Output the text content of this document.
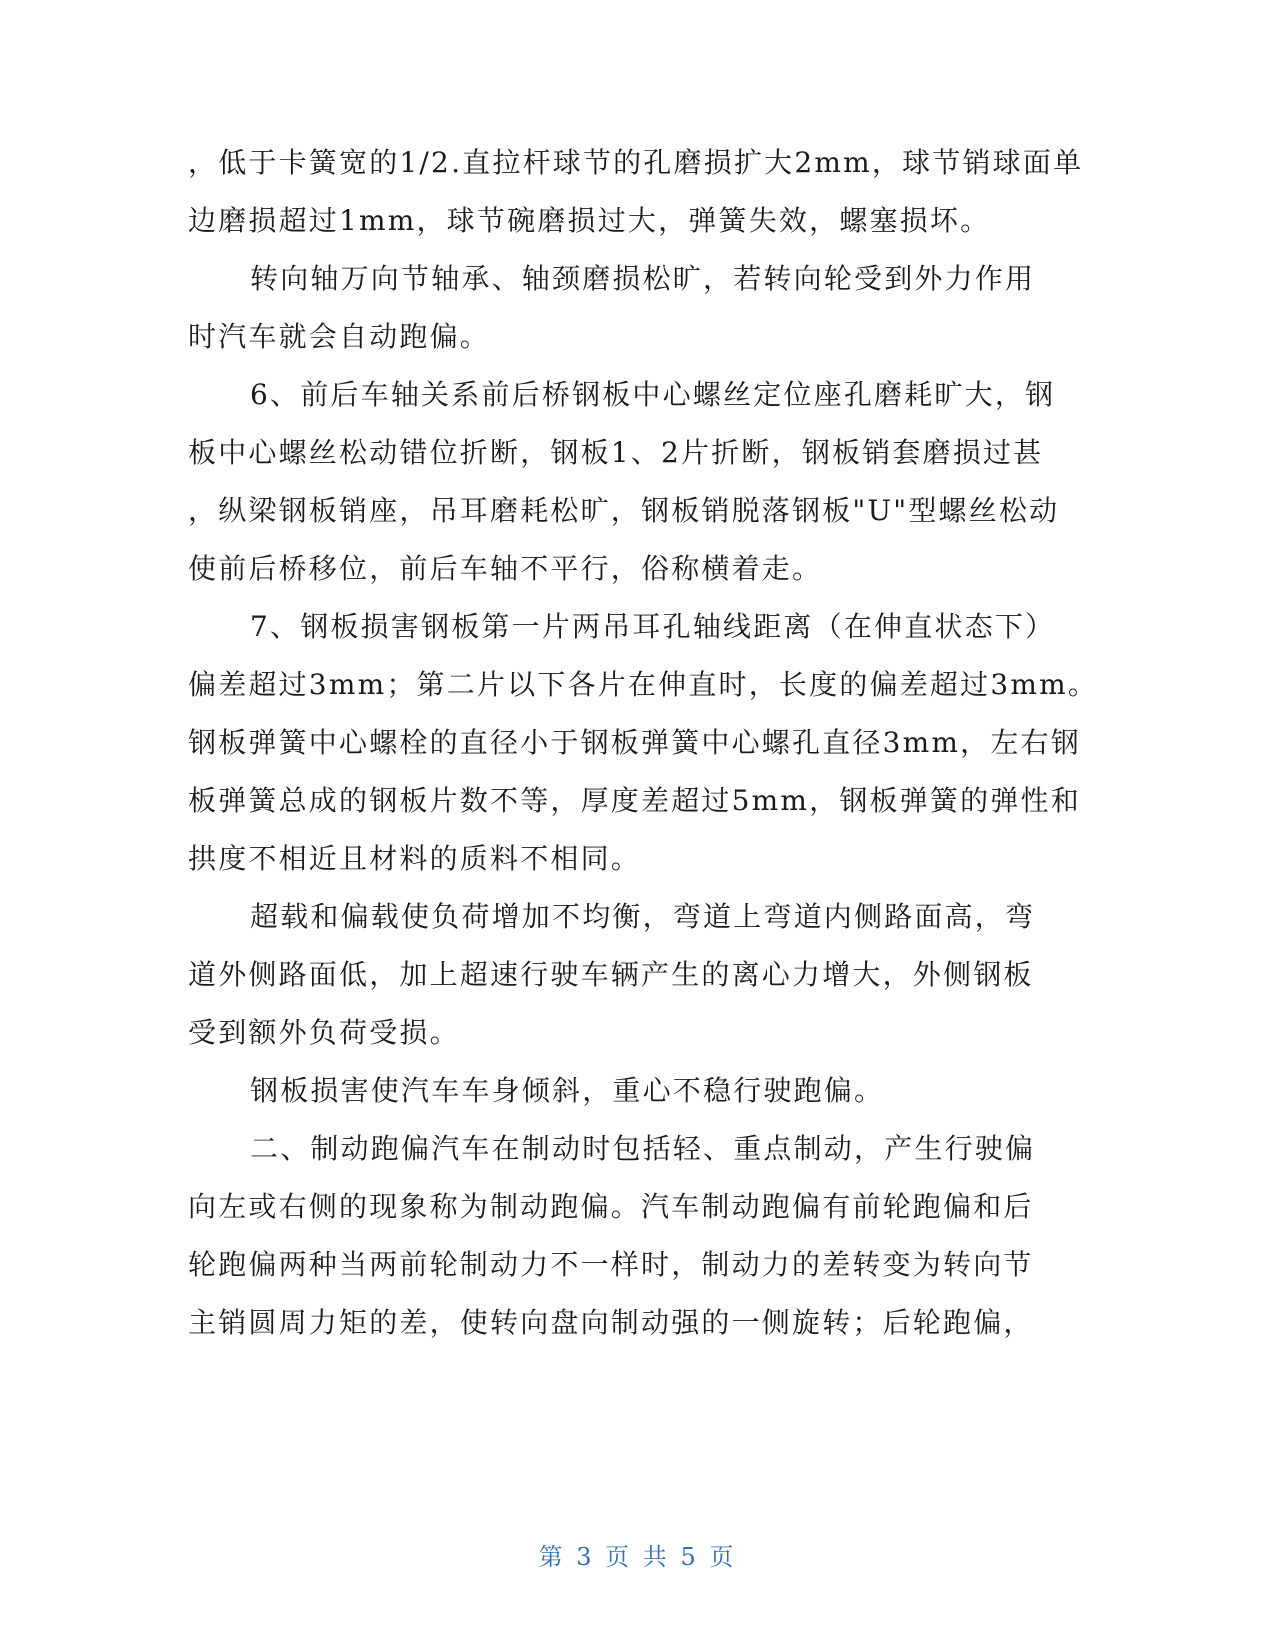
，低于卡簧宽的1/2.直拉杆球节的孔磨损扩大2mm，球节销球面单
边磨损超过1mm，球节碗磨损过大，弹簧失效，螺塞损坏。
转向轴万向节轴承、轴颈磨损松旷，若转向轮受到外力作用
时汽车就会自动跑偏。
6、前后车轴关系前后桥钢板中心螺丝定位座孔磨耗旷大，钢
板中心螺丝松动错位折断，钢板1、2片折断，钢板销套磨损过甚
，纵梁钢板销座，吊耳磨耗松旷，钢板销脱落钢板"U"型螺丝松动
使前后桥移位，前后车轴不平行，俗称横着走。
7、钢板损害钢板第一片两吊耳孔轴线距离（在伸直状态下）
偏差超过3mm；第二片以下各片在伸直时，长度的偏差超过3mm。
钢板弹簧中心螺栓的直径小于钢板弹簧中心螺孔直径3mm，左右钢
板弹簧总成的钢板片数不等，厚度差超过5mm，钢板弹簧的弹性和
拱度不相近且材料的质料不相同。
超载和偏载使负荷增加不均衡，弯道上弯道内侧路面高，弯
道外侧路面低，加上超速行驶车辆产生的离心力增大，外侧钢板
受到额外负荷受损。
钢板损害使汽车车身倾斜，重心不稳行驶跑偏。
二、制动跑偏汽车在制动时包括轻、重点制动，产生行驶偏
向左或右侧的现象称为制动跑偏。汽车制动跑偏有前轮跑偏和后
轮跑偏两种当两前轮制动力不一样时，制动力的差转变为转向节
主销圆周力矩的差，使转向盘向制动强的一侧旋转；后轮跑偏，
第 3 页 共 5 页
